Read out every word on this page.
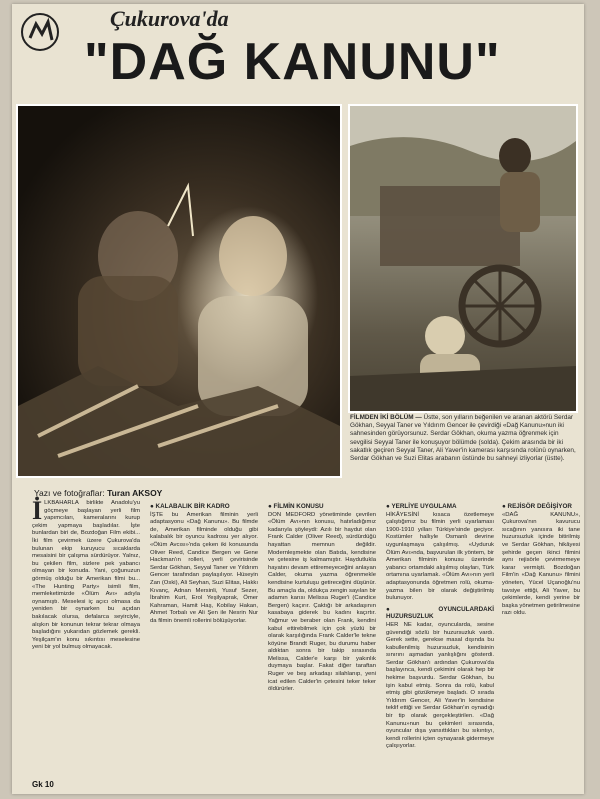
Çukurova'da
"DAĞ KANUNU"
FİLMDEN İKİ BÖLÜM — Üstte, son yılların beğenilen ve aranan aktörü Serdar Gökhan, Seyyal Taner ve Yıldırım Gencer ile çevirdiği «Dağ Kanunu»nun iki sahnesinden görüyorsunuz. Serdar Gökhan, okuma yazma öğrenmek için sevgilisi Seyyal Taner ile konuşuyor bölümde (solda). Çekim arasında bir iki sakatlık geçiren Seyyal Taner, Ali Yaver'in kamerası karşısında rolünü oynarken, Serdar Gökhan ve Suzi Elitas arabanın üstünde bu sahneyi izliyorlar (üstte).
Yazı ve fotoğraflar: Turan AKSOY

İ LKBAHARLA birlikte Anadolu'yu göçmeye başlayan yerli film yapımcıları, kameralarını kurup çekim yapmaya başladılar. İşte bunlardan biri de, Bozdoğan Film ekibi... İki film çevirmek üzere Çukurova'da bulunan ekip kuruyucu sıcaklarda mesaisini bir çalışma sürdürüyor. Yalnız, bu çekilen film, sizlere pek yabancı olmayan bir konuda. Yani, çoğunuzun görmüş olduğu bir Amerikan filmi bu... «The Hunting Party» isimli film, memleketimizde «Ölüm Avı» adıyla oynamıştı. Meselesi iç açıcı olmasa da yeniden bir oynarken bu açıdan bakılacak olursa, defalarca seyirciyle, alışkın bir konunun tekrar tekrar olmaya başladığını yukarıdan gözlemek gerekli. Yeşilçam'ın konu sıkıntısı meselesine yeni bir yol bulmuş olmayacak.

● KALABALIK BİR KADRO

İŞTE bu Amerikan filminin yerli adaptasyonu «Dağ Kanunu». Bu filmde de, Amerikan filminde olduğu gibi kalabalık bir oyuncu kadrosu yer alıyor. «Ölüm Avcısı»'nda çeken iki konusunda Oliver Reed, Candice Bergen ve Gene Hackman'ın rolleri, yerli çevirisinde Serdar Gökhan, Seyyal Taner ve Yıldırım Gencer tarafından paylaşılıyor. Hüseyin Zan (Oski), Ali Seyhan, Suzi Elitas, Hakkı Kıvanç, Adnan Mersinli, Yusuf Sezer, İbrahim Kurt, Erol Yeşilyaprak, Ömer Kahraman, Hamit Haş, Kobilay Hakan, Ahmet Torbalı ve Ali Şen ile Nesrin Nur da filmin önemli rollerini bölüşüyorlar.

● FİLMİN KONUSU

DON MEDFORD yönetiminde çevrilen «Ölüm Avı»nın konusu, hatırladığımız kadarıyla şöyleydi: Azılı bir haydut olan Frank Calder (Oliver Reed), sürdürdüğü hayattan memnun değildir. Modernleşmekte olan Batıda, kendisine ve çetesine iş kalmamıştır. Haydutlukla hayatını devam ettiremeyeceğini anlayan Calder, okuma yazma öğrenmekle kendisine kurtuluşu getireceğini düşünür. Bu amaçla da, oldukça zengin sayılan bir adamın karısı Melissa Ruger'i (Candice Bergen) kaçırır. Çaktığı bir arkadaşının kasabaya giderek bu kadını kaçırtır. Yağmur ve beraber olan Frank, kendini kabul ettirebilmek için çok yüzlü bir olarak karşılığında Frank Calder'le tekne köyüne Brandt Ruger, bu durumu haber aldıktan sonra bir takip sırasında Melissa, Calder'e karşı bir yakınlık duymaya başlar. Fakat diğer taraftan Ruger ve beş arkadaşı silahlanıp, yeni icat edilen Calder'in çetesini teker teker öldürürler.

● YERLİYE UYGULAMA

HİKÂYESİNİ kısaca özetlemeye çalıştığımız bu filmin yerli uyarlaması 1900-1910 yılları Türkiye'sinde geçiyor. Kostümler hallıyle Osmanlı devrine uygunlaşmaya çalışılmış. «Uyduruk Ölüm Avı»nda, başvurulan ilk yöntem, bir Amerikan filminin konusu üzerinde yabancı ortamdaki alışılmış olayları, Türk ortamına uyarlamak. «Ölüm Avı»nın yerli adaptasyonunda öğretmen rolü, okuma-yazma bilen bir olarak değiştirilmiş bulunuyor.

● OYUNCULARDAKİ HUZURSUZLUK

HER NE kadar, oyuncularda, sesine güvendiği sözlü bir huzursuzluk vardı. Gerek sette, gerekse masal dışında bu kabullenilmiş huzursuzluk, kendisinin sınırını aşmadan yanlışlığını gösterdi. Serdar Gökhan'ı ardından Çukurova'da başlayınca, kendi çekimini olarak hep bir hekime başvurdu. Serdar Gökhan, bu işin kabul etmiş. Sonra da rolü, kabul etmiş gibi gözükmeye başladı. O sırada Yıldırım Gencer, Ali Yaver'in kendisine teklif ettiği ve Serdar Gökhan'ın oynadığı bir tip olarak gerçekleştirilen. «Dağ Kanunu»nun bu çekimleri sırasında, oyuncular dışa yansıttıkları bu sıkıntıyı, kendi rollerini içten oynayarak gidermeye çalışıyorlar.

● REJİSÖR DEĞİŞİYOR

«DAĞ KANUNU», Çukurova'nın kavurucu sıcağının yanısıra iki tane huzursuzluk içinde bitirilmiş ve Serdar Gökhan, hikâyesi şehirde geçen ikinci filmini aynı rejisörle çevirmemeye karar vermişti. Bozdoğan Film'in «Dağ Kanunu» filmini yöneten, Yücel Uçanoğlu'nu tavsiye ettiği, Ali Yaver, bu çekimlerde, kendi yerine bir başka yönetmen getirilmesine razı oldu.

Gk 10
